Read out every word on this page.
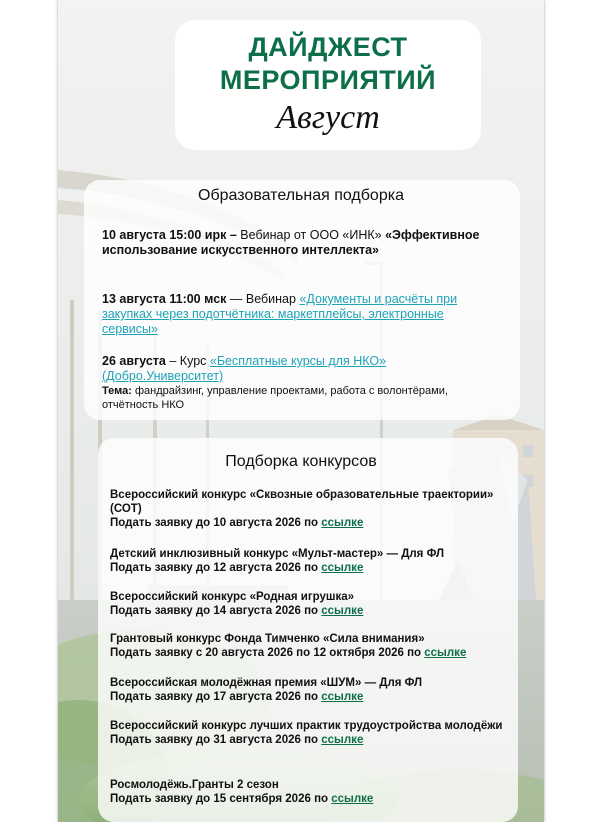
ДАЙДЖЕСТ
МЕРОПРИЯТИЙ
Август
Образовательная подборка
10 августа 15:00 ирк – Вебинар от ООО «ИНК» «Эффективное использование искусственного интеллекта»
13 августа 11:00 мск — Вебинар «Документы и расчёты при закупках через подотчётника: маркетплейсы, электронные сервисы»
26 августа – Курс «Бесплатные курсы для НКО» (Добро.Университет)
Тема: фандрайзинг, управление проектами, работа с волонтёрами, отчётность НКО
Подборка конкурсов
Всероссийский конкурс «Сквозные образовательные траектории» (СОТ)
Подать заявку до 10 августа 2026 по ссылке
Детский инклюзивный конкурс «Мульт-мастер» — Для ФЛ
Подать заявку до 12 августа 2026 по ссылке
Всероссийский конкурс «Родная игрушка»
Подать заявку до 14 августа 2026 по ссылке
Грантовый конкурс Фонда Тимченко «Сила внимания»
Подать заявку с 20 августа 2026 по 12 октября 2026 по ссылке
Всероссийская молодёжная премия «ШУМ» — Для ФЛ
Подать заявку до 17 августа 2026 по ссылке
Всероссийский конкурс лучших практик трудоустройства молодёжи
Подать заявку до 31 августа 2026 по ссылке
Росмолодёжь.Гранты 2 сезон
Подать заявку до 15 сентября 2026 по ссылке
